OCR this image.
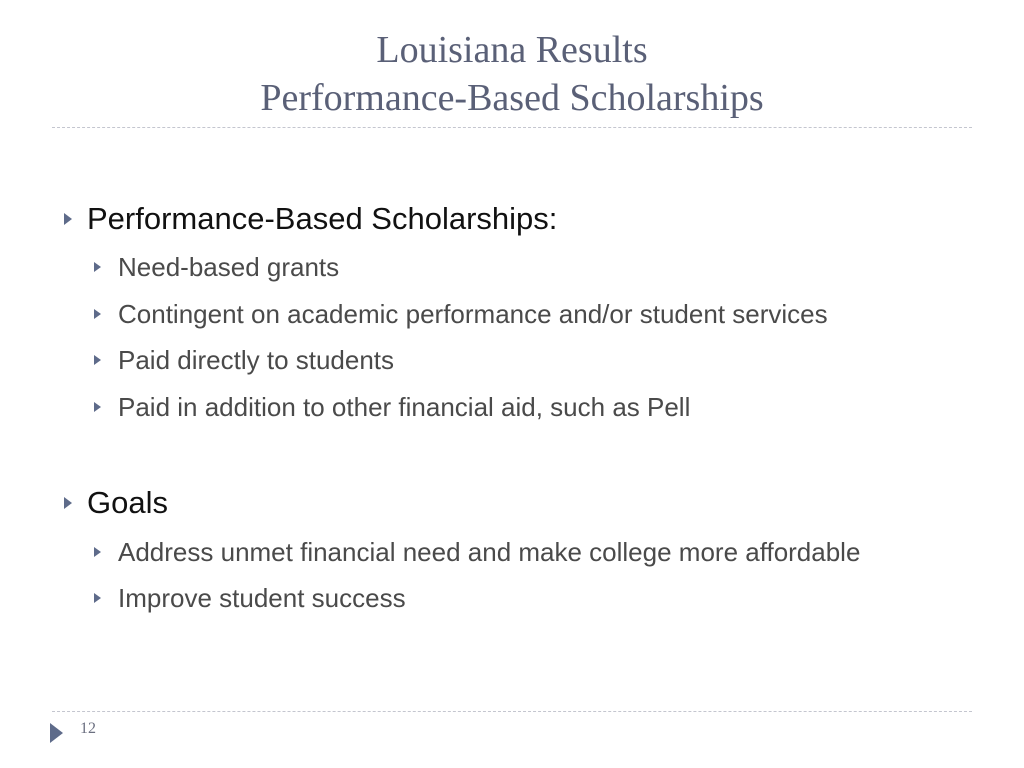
Louisiana Results
Performance-Based Scholarships
Performance-Based Scholarships:
Need-based grants
Contingent on academic performance and/or student services
Paid directly to students
Paid in addition to other financial aid, such as Pell
Goals
Address unmet financial need and make college more affordable
Improve student success
12
